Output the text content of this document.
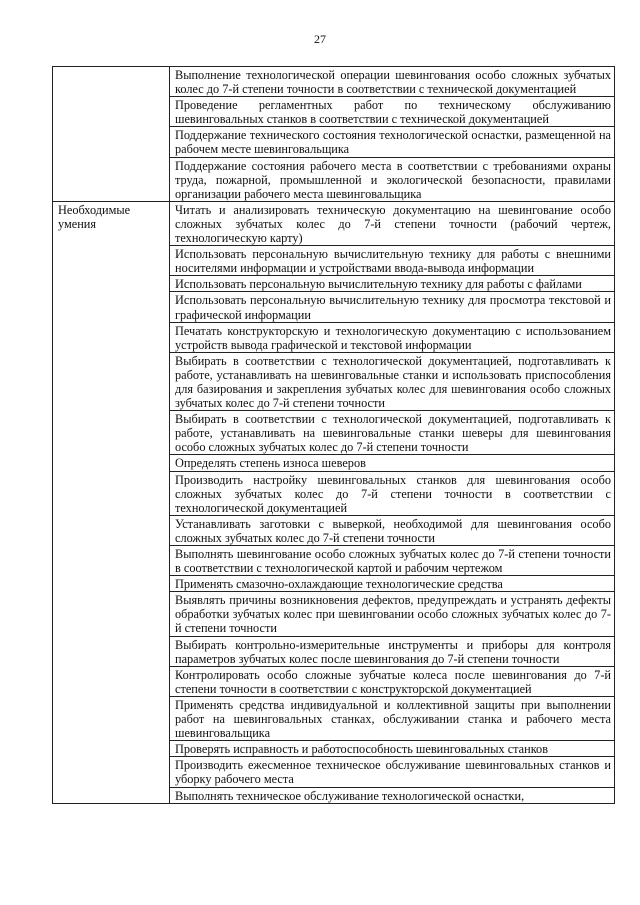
27
	Выполнение технологической операции шевингования особо сложных зубчатых колес до 7-й степени точности в соответствии с технической документацией
	Проведение регламентных работ по техническому обслуживанию шевинговальных станков в соответствии с технической документацией
	Поддержание технического состояния технологической оснастки, размещенной на рабочем месте шевинговальщика
	Поддержание состояния рабочего места в соответствии с требованиями охраны труда, пожарной, промышленной и экологической безопасности, правилами организации рабочего места шевинговальщика
Необходимые умения	Читать и анализировать техническую документацию на шевингование особо сложных зубчатых колес до 7-й степени точности (рабочий чертеж, технологическую карту)
	Использовать персональную вычислительную технику для работы с внешними носителями информации и устройствами ввода-вывода информации
	Использовать персональную вычислительную технику для работы с файлами
	Использовать персональную вычислительную технику для просмотра текстовой и графической информации
	Печатать конструкторскую и технологическую документацию с использованием устройств вывода графической и текстовой информации
	Выбирать в соответствии с технологической документацией, подготавливать к работе, устанавливать на шевинговальные станки и использовать приспособления для базирования и закрепления зубчатых колес для шевингования особо сложных зубчатых колес до 7-й степени точности
	Выбирать в соответствии с технологической документацией, подготавливать к работе, устанавливать на шевинговальные станки шеверы для шевингования особо сложных зубчатых колес до 7-й степени точности
	Определять степень износа шеверов
	Производить настройку шевинговальных станков для шевингования особо сложных зубчатых колес до 7-й степени точности в соответствии с технологической документацией
	Устанавливать заготовки с выверкой, необходимой для шевингования особо сложных зубчатых колес до 7-й степени точности
	Выполнять шевингование особо сложных зубчатых колес до 7-й степени точности в соответствии с технологической картой и рабочим чертежом
	Применять смазочно-охлаждающие технологические средства
	Выявлять причины возникновения дефектов, предупреждать и устранять дефекты обработки зубчатых колес при шевинговании особо сложных зубчатых колес до 7-й степени точности
	Выбирать контрольно-измерительные инструменты и приборы для контроля параметров зубчатых колес после шевингования до 7-й степени точности
	Контролировать особо сложные зубчатые колеса после шевингования до 7-й степени точности в соответствии с конструкторской документацией
	Применять средства индивидуальной и коллективной защиты при выполнении работ на шевинговальных станках, обслуживании станка и рабочего места шевинговальщика
	Проверять исправность и работоспособность шевинговальных станков
	Производить ежесменное техническое обслуживание шевинговальных станков и уборку рабочего места
	Выполнять техническое обслуживание технологической оснастки,
